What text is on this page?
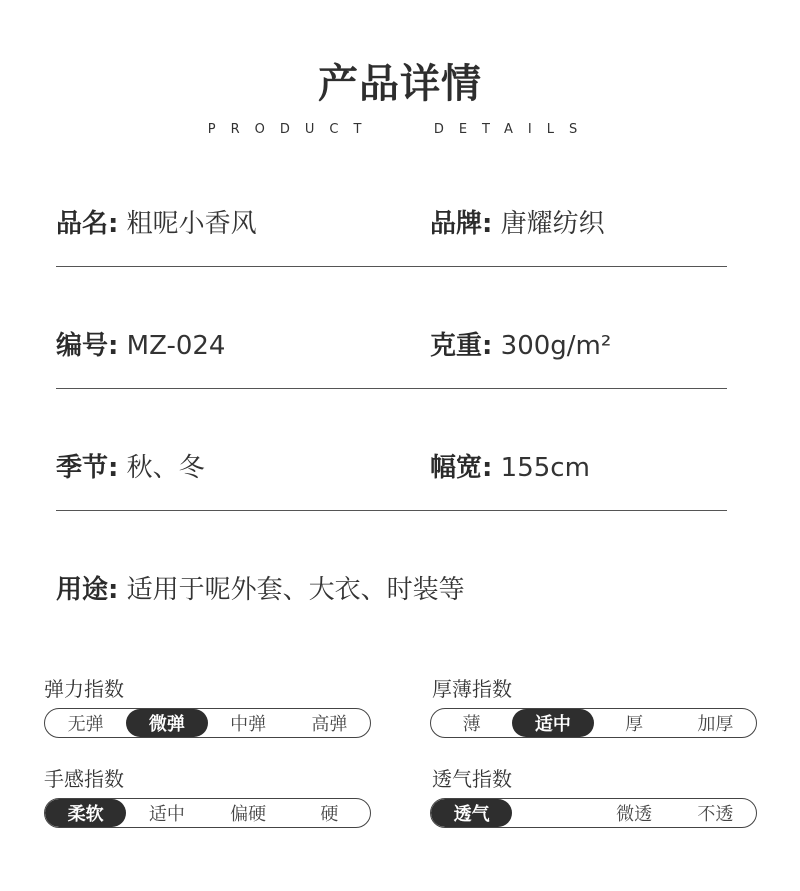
产品详情
PRODUCT   DETAILS
品名: 粗呢小香风	品牌: 唐耀纺织
编号: MZ-024	克重: 300g/m²
季节: 秋、冬	幅宽: 155cm
用途: 适用于呢外套、大衣、时装等
弹力指数
无弹	微弹	中弹	高弹
厚薄指数
薄	适中	厚	加厚
手感指数
柔软	适中	偏硬	硬
透气指数
透气	微透	不透
